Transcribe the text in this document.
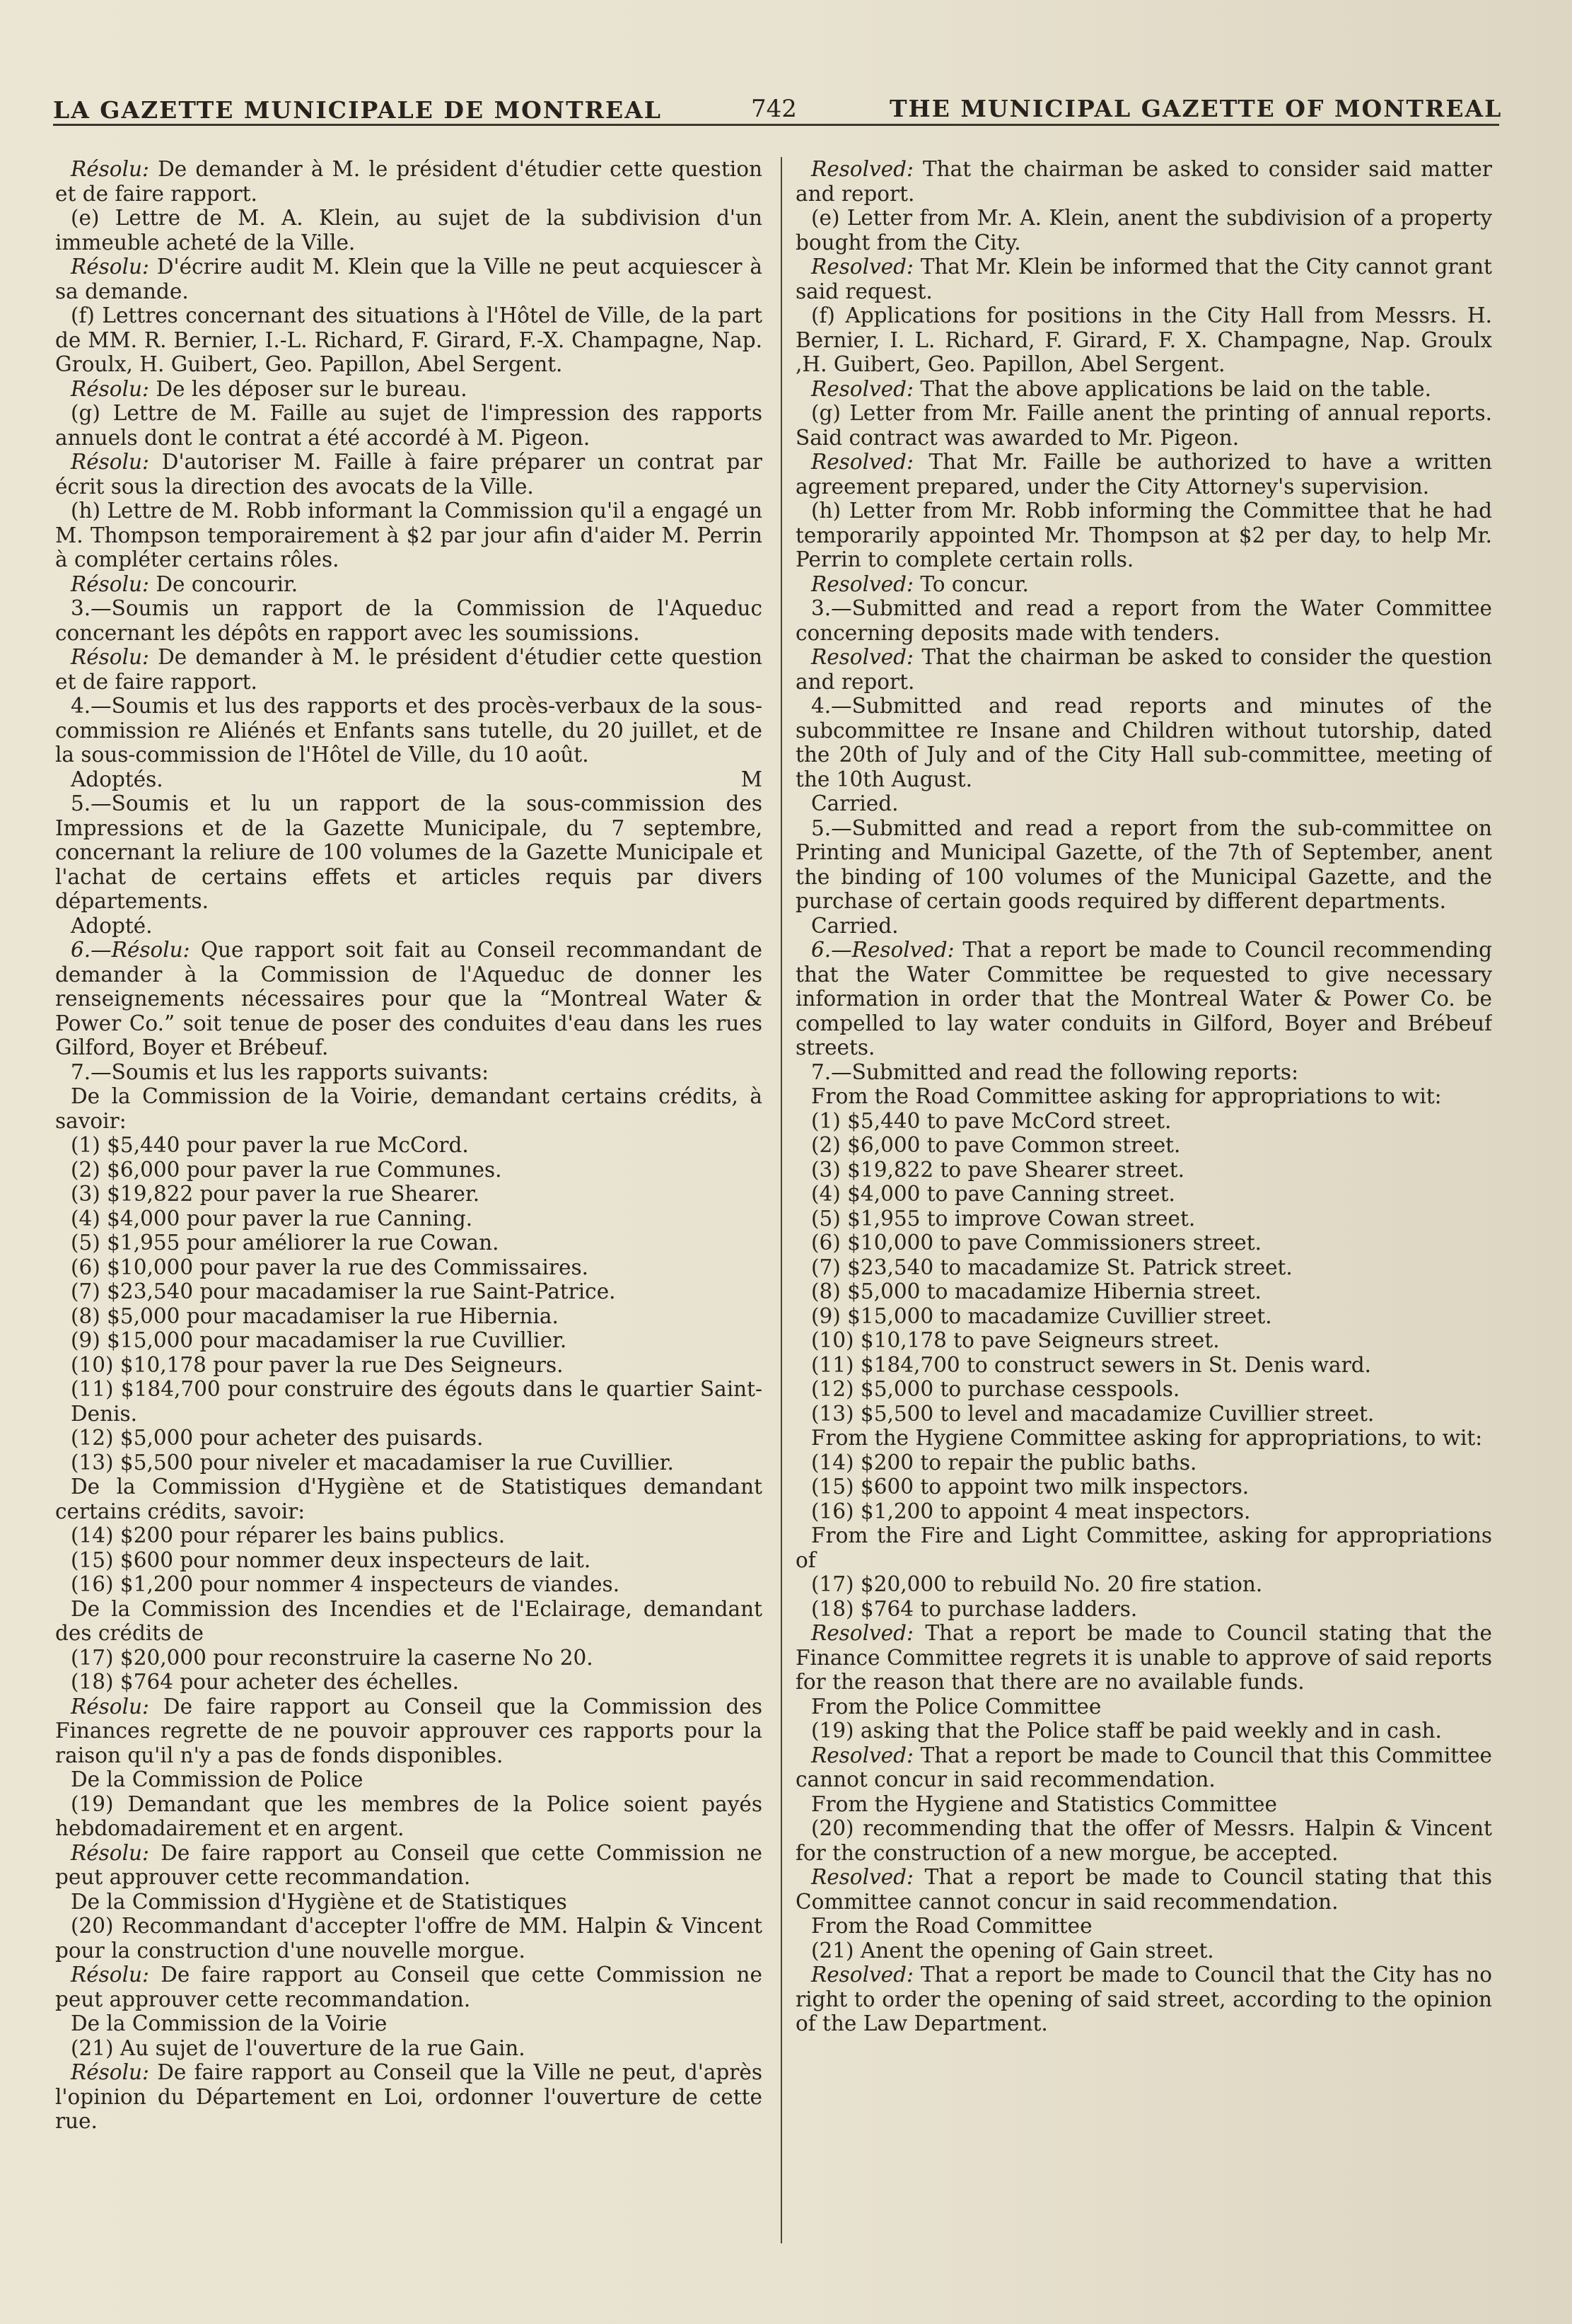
LA GAZETTE MUNICIPALE DE MONTREAL	742	THE MUNICIPAL GAZETTE OF MONTREAL

Résolu: De demander à M. le président d'étudier cette question et de faire rapport.

(e) Lettre de M. A. Klein, au sujet de la subdivision d'un immeuble acheté de la Ville.

Résolu: D'écrire audit M. Klein que la Ville ne peut acquiescer à sa demande.

(f) Lettres concernant des situations à l'Hôtel de Ville, de la part de MM. R. Bernier, I.-L. Richard, F. Girard, F.-X. Champagne, Nap. Groulx, H. Guibert, Geo. Papillon, Abel Sergent.

Résolu: De les déposer sur le bureau.

(g) Lettre de M. Faille au sujet de l'impression des rapports annuels dont le contrat a été accordé à M. Pigeon.

Résolu: D'autoriser M. Faille à faire préparer un contrat par écrit sous la direction des avocats de la Ville.

(h) Lettre de M. Robb informant la Commission qu'il a engagé un M. Thompson temporairement à $2 par jour afin d'aider M. Perrin à compléter certains rôles.

Résolu: De concourir.

3.—Soumis un rapport de la Commission de l'Aqueduc concernant les dépôts en rapport avec les soumissions.

Résolu: De demander à M. le président d'étudier cette question et de faire rapport.

4.—Soumis et lus des rapports et des procès-verbaux de la sous-commission re Aliénés et Enfants sans tutelle, du 20 juillet, et de la sous-commission de l'Hôtel de Ville, du 10 août.

Adoptés.	M

5.—Soumis et lu un rapport de la sous-commission des Impressions et de la Gazette Municipale, du 7 septembre, concernant la reliure de 100 volumes de la Gazette Municipale et l'achat de certains effets et articles requis par divers départements.

Adopté.

6.—Résolu: Que rapport soit fait au Conseil recommandant de demander à la Commission de l'Aqueduc de donner les renseignements nécessaires pour que la “Montreal Water & Power Co.” soit tenue de poser des conduites d'eau dans les rues Gilford, Boyer et Brébeuf.

7.—Soumis et lus les rapports suivants:

De la Commission de la Voirie, demandant certains crédits, à savoir:

(1) $5,440 pour paver la rue McCord.

(2) $6,000 pour paver la rue Communes.

(3) $19,822 pour paver la rue Shearer.

(4) $4,000 pour paver la rue Canning.

(5) $1,955 pour améliorer la rue Cowan.

(6) $10,000 pour paver la rue des Commissaires.

(7) $23,540 pour macadamiser la rue Saint-Patrice.

(8) $5,000 pour macadamiser la rue Hibernia.

(9) $15,000 pour macadamiser la rue Cuvillier.

(10) $10,178 pour paver la rue Des Seigneurs.

(11) $184,700 pour construire des égouts dans le quartier Saint-Denis.

(12) $5,000 pour acheter des puisards.

(13) $5,500 pour niveler et macadamiser la rue Cuvillier.

De la Commission d'Hygiène et de Statistiques demandant certains crédits, savoir:

(14) $200 pour réparer les bains publics.

(15) $600 pour nommer deux inspecteurs de lait.

(16) $1,200 pour nommer 4 inspecteurs de viandes.

De la Commission des Incendies et de l'Eclairage, demandant des crédits de

(17) $20,000 pour reconstruire la caserne No 20.

(18) $764 pour acheter des échelles.

Résolu: De faire rapport au Conseil que la Commission des Finances regrette de ne pouvoir approuver ces rapports pour la raison qu'il n'y a pas de fonds disponibles.

De la Commission de Police

(19) Demandant que les membres de la Police soient payés hebdomadairement et en argent.

Résolu: De faire rapport au Conseil que cette Commission ne peut approuver cette recommandation.

De la Commission d'Hygiène et de Statistiques

(20) Recommandant d'accepter l'offre de MM. Halpin & Vincent pour la construction d'une nouvelle morgue.

Résolu: De faire rapport au Conseil que cette Commission ne peut approuver cette recommandation.

De la Commission de la Voirie

(21) Au sujet de l'ouverture de la rue Gain.

Résolu: De faire rapport au Conseil que la Ville ne peut, d'après l'opinion du Département en Loi, ordonner l'ouverture de cette rue.

Resolved: That the chairman be asked to consider said matter and report.

(e) Letter from Mr. A. Klein, anent the subdivision of a property bought from the City.

Resolved: That Mr. Klein be informed that the City cannot grant said request.

(f) Applications for positions in the City Hall from Messrs. H. Bernier, I. L. Richard, F. Girard, F. X. Champagne, Nap. Groulx ,H. Guibert, Geo. Papillon, Abel Sergent.

Resolved: That the above applications be laid on the table.

(g) Letter from Mr. Faille anent the printing of annual reports. Said contract was awarded to Mr. Pigeon.

Resolved: That Mr. Faille be authorized to have a written agreement prepared, under the City Attorney's supervision.

(h) Letter from Mr. Robb informing the Committee that he had temporarily appointed Mr. Thompson at $2 per day, to help Mr. Perrin to complete certain rolls.

Resolved: To concur.

3.—Submitted and read a report from the Water Committee concerning deposits made with tenders.

Resolved: That the chairman be asked to consider the question and report.

4.—Submitted and read reports and minutes of the subcommittee re Insane and Children without tutorship, dated the 20th of July and of the City Hall sub-committee, meeting of the 10th August.

Carried.

5.—Submitted and read a report from the sub-committee on Printing and Municipal Gazette, of the 7th of September, anent the binding of 100 volumes of the Municipal Gazette, and the purchase of certain goods required by different departments.

Carried.

6.—Resolved: That a report be made to Council recommending that the Water Committee be requested to give necessary information in order that the Montreal Water & Power Co. be compelled to lay water conduits in Gilford, Boyer and Brébeuf streets.

7.—Submitted and read the following reports:

From the Road Committee asking for appropriations to wit:

(1) $5,440 to pave McCord street.

(2) $6,000 to pave Common street.

(3) $19,822 to pave Shearer street.

(4) $4,000 to pave Canning street.

(5) $1,955 to improve Cowan street.

(6) $10,000 to pave Commissioners street.

(7) $23,540 to macadamize St. Patrick street.

(8) $5,000 to macadamize Hibernia street.

(9) $15,000 to macadamize Cuvillier street.

(10) $10,178 to pave Seigneurs street.

(11) $184,700 to construct sewers in St. Denis ward.

(12) $5,000 to purchase cesspools.

(13) $5,500 to level and macadamize Cuvillier street.

From the Hygiene Committee asking for appropriations, to wit:

(14) $200 to repair the public baths.

(15) $600 to appoint two milk inspectors.

(16) $1,200 to appoint 4 meat inspectors.

From the Fire and Light Committee, asking for appropriations of

(17) $20,000 to rebuild No. 20 fire station.

(18) $764 to purchase ladders.

Resolved: That a report be made to Council stating that the Finance Committee regrets it is unable to approve of said reports for the reason that there are no available funds.

From the Police Committee

(19) asking that the Police staff be paid weekly and in cash.

Resolved: That a report be made to Council that this Committee cannot concur in said recommendation.

From the Hygiene and Statistics Committee

(20) recommending that the offer of Messrs. Halpin & Vincent for the construction of a new morgue, be accepted.

Resolved: That a report be made to Council stating that this Committee cannot concur in said recommendation.

From the Road Committee

(21) Anent the opening of Gain street.

Resolved: That a report be made to Council that the City has no right to order the opening of said street, according to the opinion of the Law Department.
